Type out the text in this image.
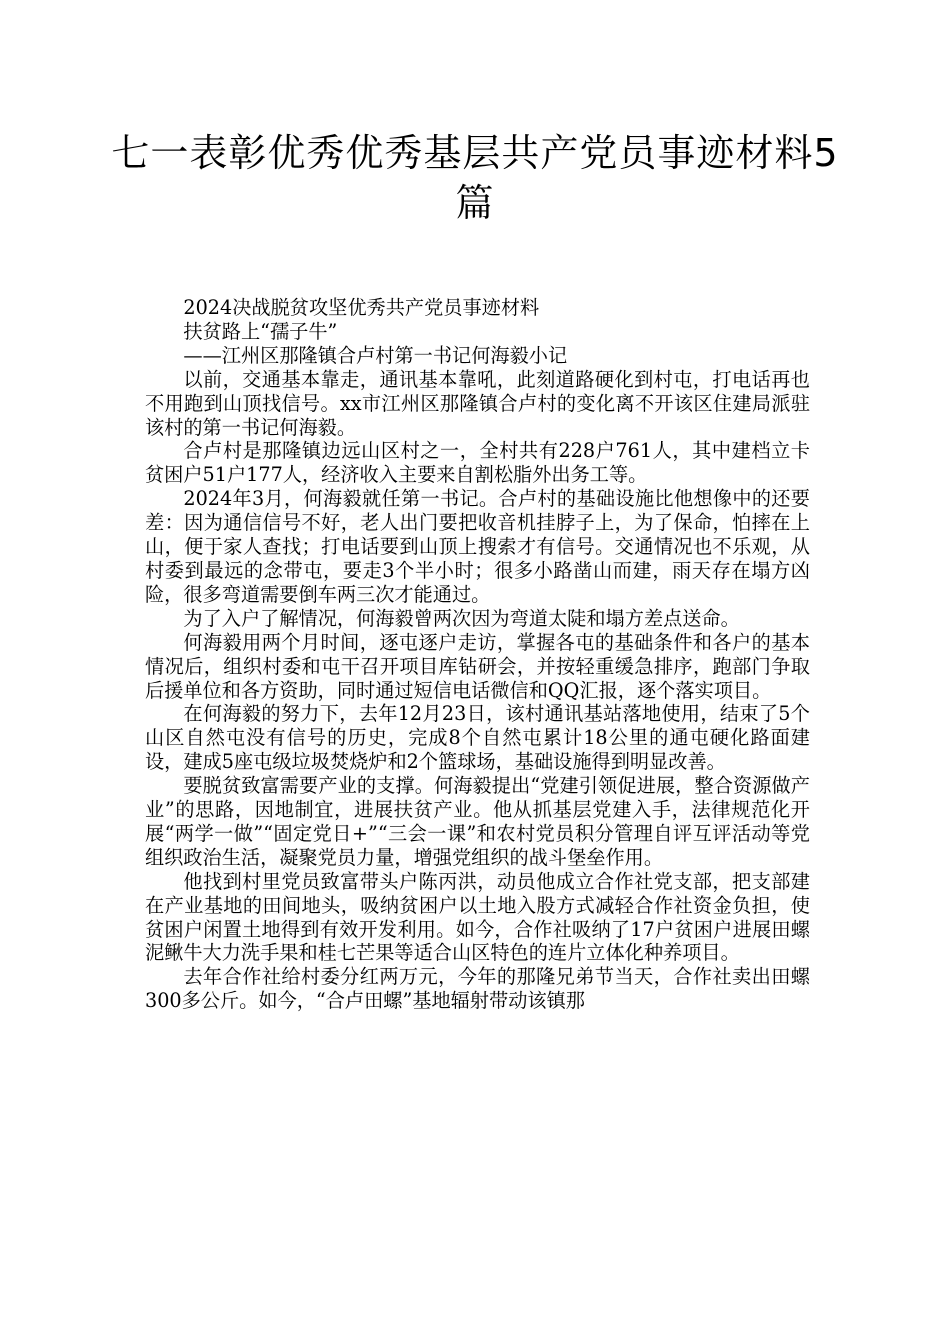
七一表彰优秀优秀基层共产党员事迹材料5篇

2024决战脱贫攻坚优秀共产党员事迹材料

扶贫路上“孺子牛”

——江州区那隆镇合卢村第一书记何海毅小记

以前，交通基本靠走，通讯基本靠吼，此刻道路硬化到村屯，打电话再也不用跑到山顶找信号。xx市江州区那隆镇合卢村的变化离不开该区住建局派驻该村的第一书记何海毅。

合卢村是那隆镇边远山区村之一，全村共有228户761人，其中建档立卡贫困户51户177人，经济收入主要来自割松脂外出务工等。

2024年3月，何海毅就任第一书记。合卢村的基础设施比他想像中的还要差：因为通信信号不好，老人出门要把收音机挂脖子上，为了保命，怕摔在上山，便于家人查找；打电话要到山顶上搜索才有信号。交通情况也不乐观，从村委到最远的念带屯，要走3个半小时；很多小路凿山而建，雨天存在塌方凶险，很多弯道需要倒车两三次才能通过。

为了入户了解情况，何海毅曾两次因为弯道太陡和塌方差点送命。

何海毅用两个月时间，逐屯逐户走访，掌握各屯的基础条件和各户的基本情况后，组织村委和屯干召开项目库钻研会，并按轻重缓急排序，跑部门争取后援单位和各方资助，同时通过短信电话微信和QQ汇报，逐个落实项目。

在何海毅的努力下，去年12月23日，该村通讯基站落地使用，结束了5个山区自然屯没有信号的历史，完成8个自然屯累计18公里的通屯硬化路面建设，建成5座屯级垃圾焚烧炉和2个篮球场，基础设施得到明显改善。

要脱贫致富需要产业的支撑。何海毅提出“党建引领促进展，整合资源做产业”的思路，因地制宜，进展扶贫产业。他从抓基层党建入手，法律规范化开展“两学一做”“固定党日+”“三会一课”和农村党员积分管理自评互评活动等党组织政治生活，凝聚党员力量，增强党组织的战斗堡垒作用。

他找到村里党员致富带头户陈丙洪，动员他成立合作社党支部，把支部建在产业基地的田间地头，吸纳贫困户以土地入股方式减轻合作社资金负担，使贫困户闲置土地得到有效开发利用。如今，合作社吸纳了17户贫困户进展田螺泥鳅牛大力洗手果和桂七芒果等适合山区特色的连片立体化种养项目。

去年合作社给村委分红两万元，今年的那隆兄弟节当天，合作社卖出田螺300多公斤。如今，“合卢田螺”基地辐射带动该镇那
